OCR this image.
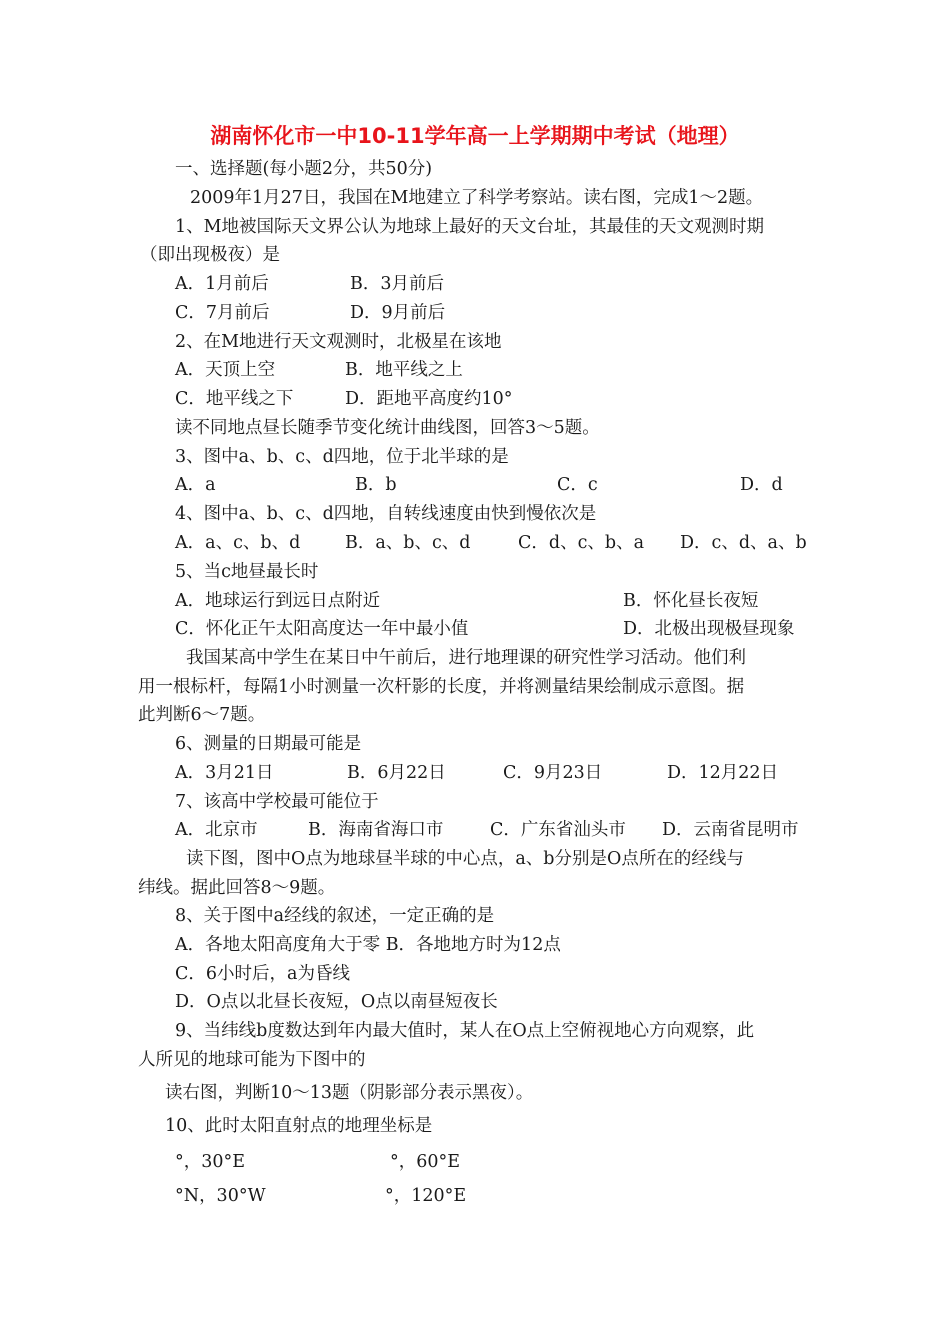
湖南怀化市一中10-11学年高一上学期期中考试（地理）
一、选择题(每小题2分，共50分)
2009年1月27日，我国在M地建立了科学考察站。读右图，完成1～2题。
1、M地被国际天文界公认为地球上最好的天文台址，其最佳的天文观测时期
（即出现极夜）是
A．1月前后	B．3月前后
C．7月前后	D．9月前后
2、在M地进行天文观测时，北极星在该地
A．天顶上空	B．地平线之上
C．地平线之下	D．距地平高度约10°
读不同地点昼长随季节变化统计曲线图，回答3～5题。
3、图中a、b、c、d四地，位于北半球的是
A．a	B．b	C．c	D．d
4、图中a、b、c、d四地，自转线速度由快到慢依次是
A．a、c、b、d	B．a、b、c、d	C．d、c、b、a D．c、d、a、b
5、当c地昼最长时
A．地球运行到远日点附近	B．怀化昼长夜短
C．怀化正午太阳高度达一年中最小值	D．北极出现极昼现象
我国某高中学生在某日中午前后，进行地理课的研究性学习活动。他们利
用一根标杆，每隔1小时测量一次杆影的长度，并将测量结果绘制成示意图。据
此判断6～7题。
6、测量的日期最可能是
A．3月21日	B．6月22日	C．9月23日	D．12月22日
7、该高中学校最可能位于
A．北京市	B．海南省海口市	C．广东省汕头市 D．云南省昆明市
读下图，图中O点为地球昼半球的中心点，a、b分别是O点所在的经线与
纬线。据此回答8～9题。
8、关于图中a经线的叙述，一定正确的是
A．各地太阳高度角大于零 B．各地地方时为12点
C．6小时后，a为昏线
D．O点以北昼长夜短，O点以南昼短夜长
9、当纬线b度数达到年内最大值时，某人在O点上空俯视地心方向观察，此
人所见的地球可能为下图中的
读右图，判断10～13题（阴影部分表示黑夜）。
10、此时太阳直射点的地理坐标是
°，30°E	°，60°E
°N，30°W	°，120°E
